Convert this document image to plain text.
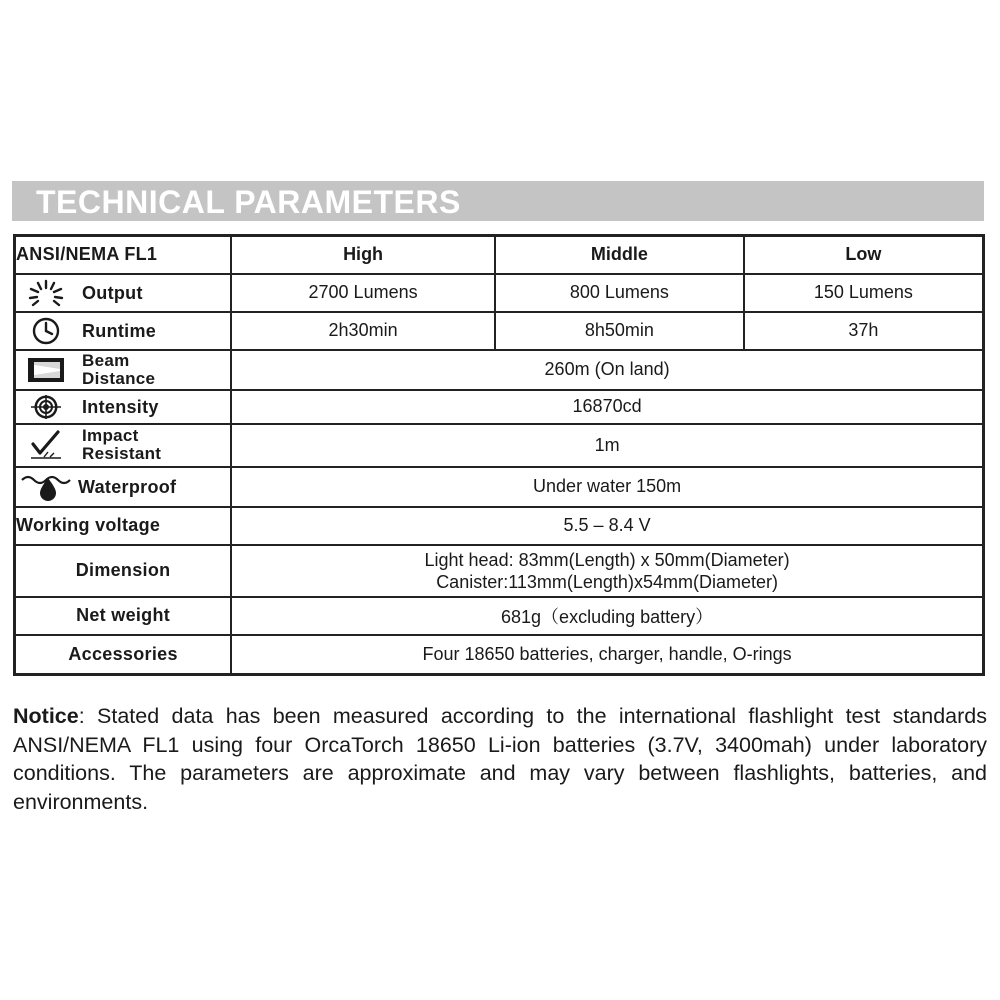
TECHNICAL PARAMETERS
ANSI/NEMA FL1	High	Middle	Low

Output	2700 Lumens	800 Lumens	150 Lumens

Runtime	2h30min	8h50min	37h

Beam
Distance	260m (On land)		

Intensity	16870cd		

Impact
Resistant	1m		

Waterproof	Under water 150m		
Working voltage	5.5 – 8.4 V		
Dimension	Light head: 83mm(Length) x 50mm(Diameter)
Canister:113mm(Length)x54mm(Diameter)		

Net weight	681g（excluding battery）		
Accessories	Four 18650 batteries, charger, handle, O-rings		
Notice: Stated data has been measured according to the international flashlight test standards ANSI/NEMA FL1 using four OrcaTorch 18650 Li-ion batteries (3.7V, 3400mah) under laboratory conditions. The parameters are approximate and may vary between flashlights, batteries, and environments.
